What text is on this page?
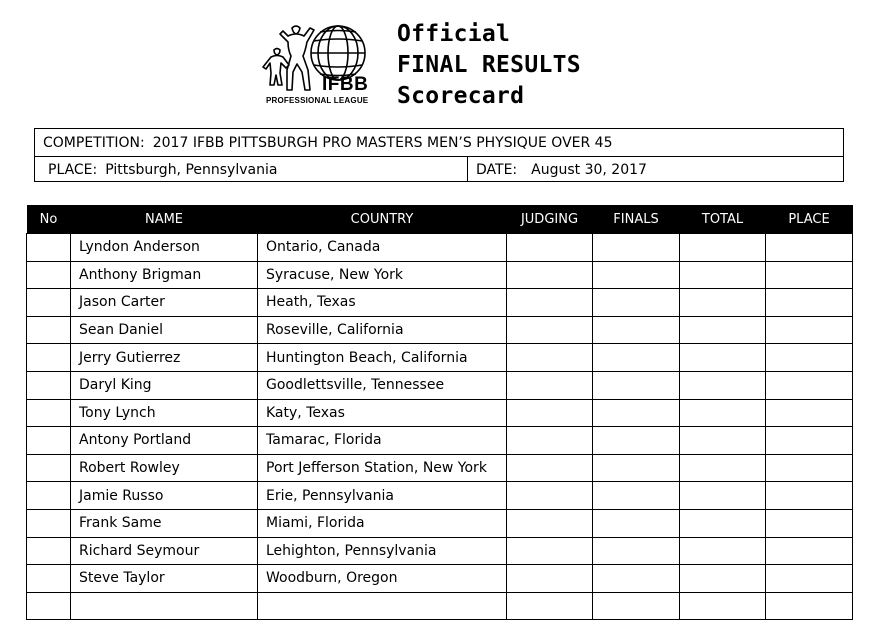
IFBB
PROFESSIONAL LEAGUE
Official
FINAL RESULTS
Scorecard
COMPETITION: 2017 IFBB PITTSBURGH PRO MASTERS MEN’S PHYSIQUE OVER 45
PLACE: Pittsburgh, Pennsylvania	DATE: August 30, 2017
No	NAME	COUNTRY	JUDGING	FINALS	TOTAL	PLACE
	Lyndon Anderson	Ontario, Canada				
	Anthony Brigman	Syracuse, New York				
	Jason Carter	Heath, Texas				
	Sean Daniel	Roseville, California				
	Jerry Gutierrez	Huntington Beach, California				
	Daryl King	Goodlettsville, Tennessee				
	Tony Lynch	Katy, Texas				
	Antony Portland	Tamarac, Florida				
	Robert Rowley	Port Jefferson Station, New York				
	Jamie Russo	Erie, Pennsylvania				
	Frank Same	Miami, Florida				
	Richard Seymour	Lehighton, Pennsylvania				
	Steve Taylor	Woodburn, Oregon				
